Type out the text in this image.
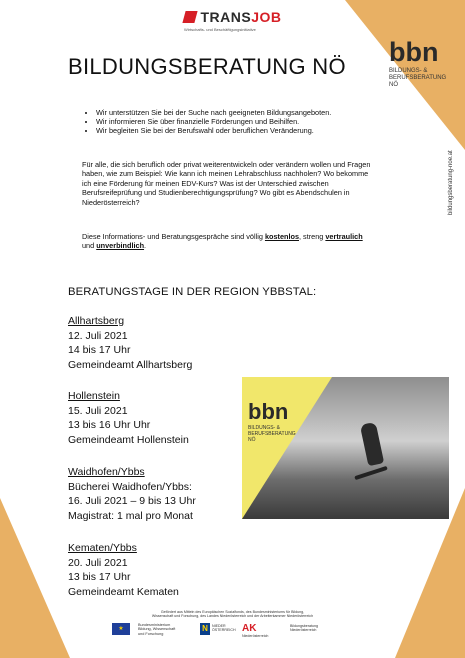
TRANSJOB
Wirtschafts- und Beschäftigungsinitiative
BILDUNGSBERATUNG NÖ bbn
BILDUNGS- &
BERUFSBERATUNG
NÖ
• Wir unterstützen Sie bei der Suche nach geeigneten Bildungsangeboten.
• Wir informieren Sie über finanzielle Förderungen und Beihilfen.
• Wir begleiten Sie bei der Berufswahl oder beruflichen Veränderung.

Für alle, die sich beruflich oder privat weiterentwickeln oder verändern wollen und Fragen haben, wie zum Beispiel: Wie kann ich meinen Lehrabschluss nachholen? Wo bekomme ich eine Förderung für meinen EDV-Kurs? Was ist der Unterschied zwischen Berufsreifeprüfung und Studienberechtigungsprüfung? Wo gibt es Abendschulen in Niederösterreich?

Diese Informations- und Beratungsgespräche sind völlig kostenlos, streng vertraulich und unverbindlich.

bildungsberatung-noe.at
BERATUNGSTAGE IN DER REGION YBBSTAL:
Allhartsberg
12. Juli 2021
14 bis 17 Uhr
Gemeindeamt Allhartsberg
Hollenstein
15. Juli 2021
13 bis 16 Uhr Uhr
Gemeindeamt Hollenstein
Waidhofen/Ybbs
Bücherei Waidhofen/Ybbs:
16. Juli 2021 – 9 bis 13 Uhr
Magistrat: 1 mal pro Monat
Kematen/Ybbs
20. Juli 2021
13 bis 17 Uhr
Gemeindeamt Kematen
bbn
BILDUNGS- &
BERUFSBERATUNG
NÖ
Gefördert aus Mitteln des Europäischen Sozialfonds, des Bundesministeriums für Bildung,
Wissenschaft und Forschung, des Landes Niederösterreich und der Arbeiterkammer Niederösterreich
★
Bundesministerium
Bildung, Wissenschaft
und Forschung
N	NIEDER
ÖSTERREICH AK
Niederösterreich
Bildungsberatung
Niederösterreich
